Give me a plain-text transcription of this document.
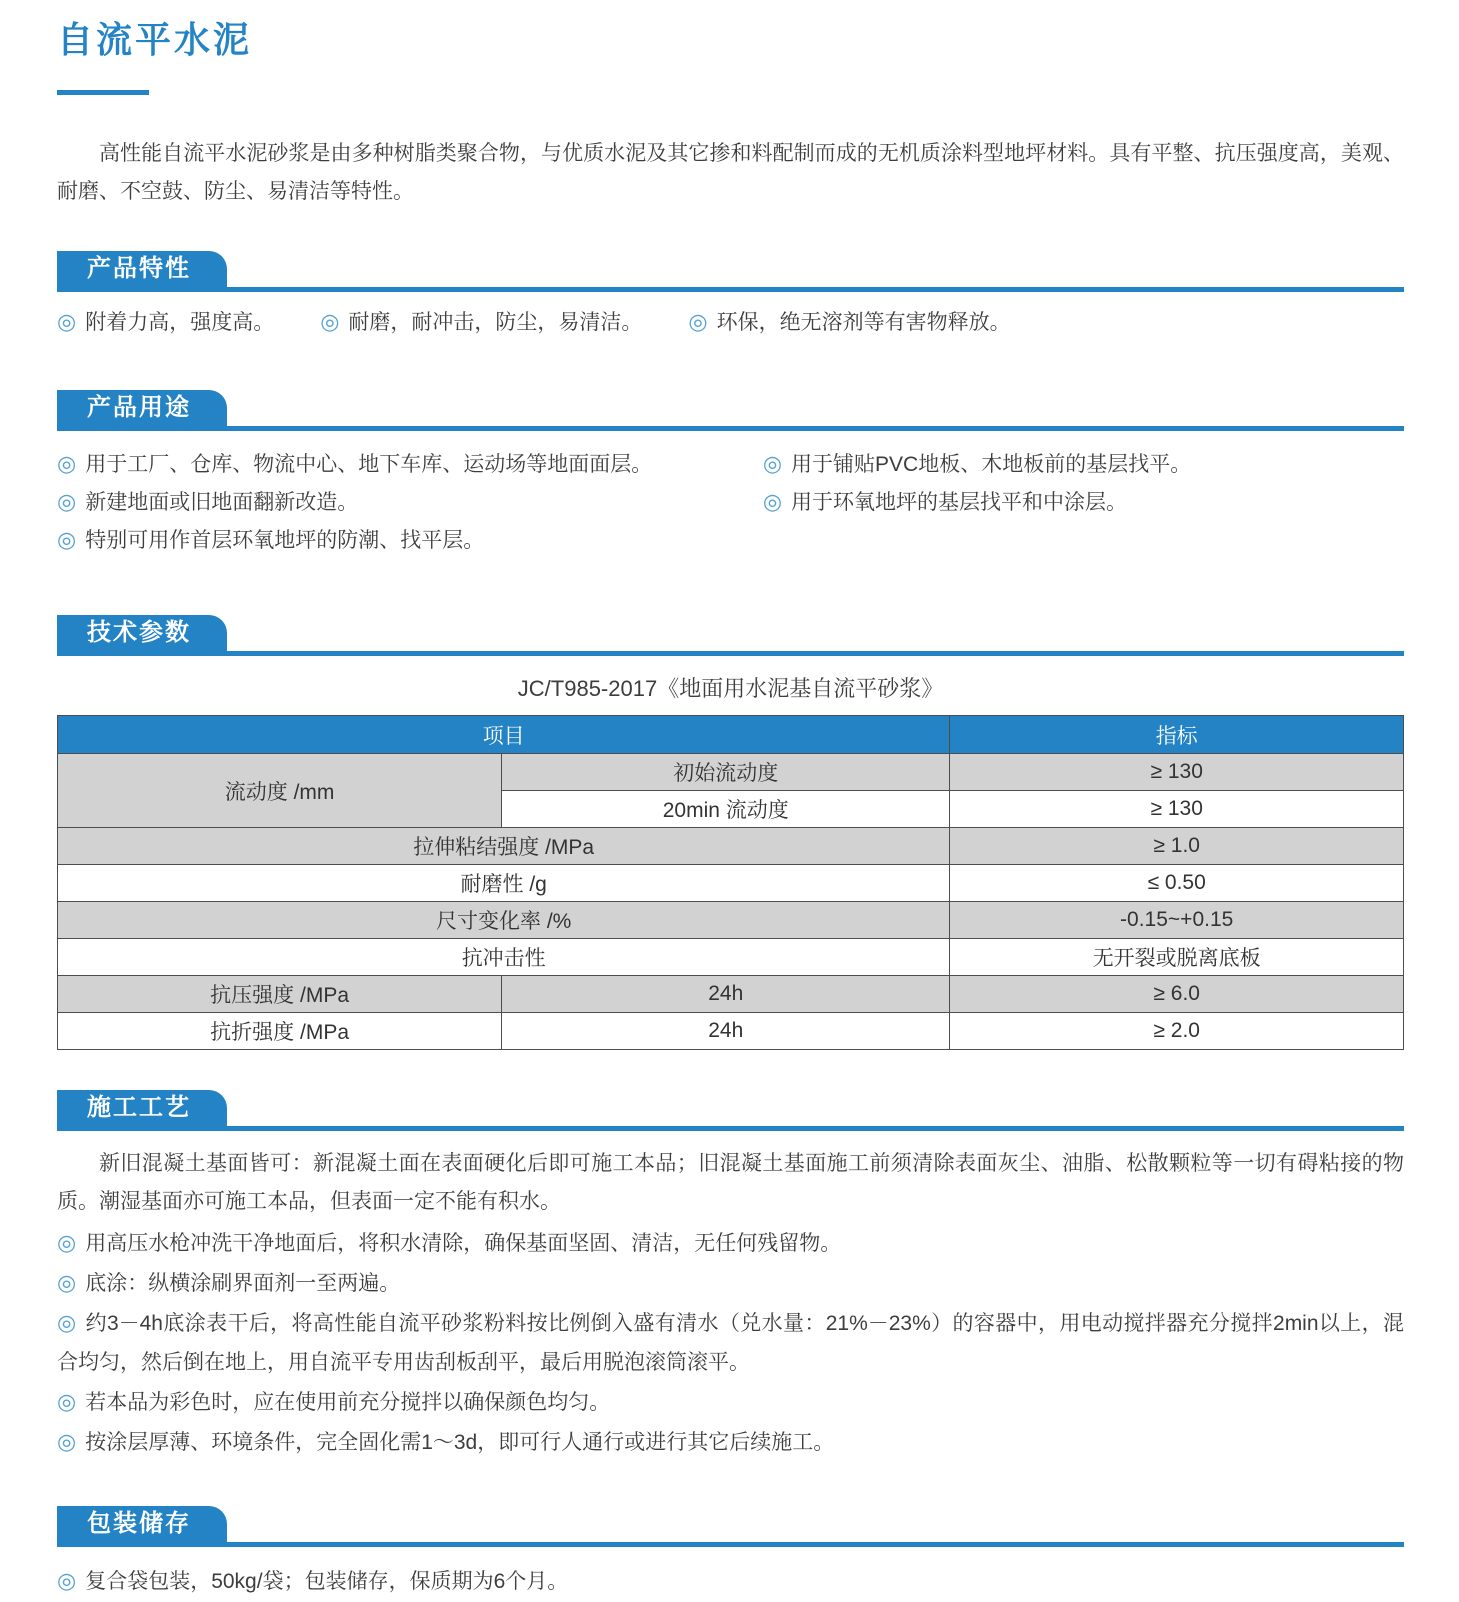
自流平水泥

高性能自流平水泥砂浆是由多种树脂类聚合物，与优质水泥及其它掺和料配制而成的无机质涂料型地坪材料。具有平整、抗压强度高，美观、耐磨、不空鼓、防尘、易清洁等特性。

产品特性
◎ 附着力高，强度高。 ◎ 耐磨，耐冲击，防尘，易清洁。 ◎ 环保，绝无溶剂等有害物释放。
产品用途
◎ 用于工厂、仓库、物流中心、地下车库、运动场等地面面层。
◎ 新建地面或旧地面翻新改造。
◎ 特别可用作首层环氧地坪的防潮、找平层。
◎ 用于铺贴PVC地板、木地板前的基层找平。
◎ 用于环氧地坪的基层找平和中涂层。
技术参数
JC/T985-2017《地面用水泥基自流平砂浆》
项目		指标
流动度 /mm	初始流动度	≥ 130
	20min 流动度	≥ 130
拉伸粘结强度 /MPa		≥ 1.0
耐磨性 /g		≤ 0.50
尺寸变化率 /%		-0.15~+0.15
抗冲击性		无开裂或脱离底板
抗压强度 /MPa	24h	≥ 6.0
抗折强度 /MPa	24h	≥ 2.0
施工工艺

新旧混凝土基面皆可：新混凝土面在表面硬化后即可施工本品；旧混凝土基面施工前须清除表面灰尘、油脂、松散颗粒等一切有碍粘接的物质。潮湿基面亦可施工本品，但表面一定不能有积水。

◎ 用高压水枪冲洗干净地面后，将积水清除，确保基面坚固、清洁，无任何残留物。
◎ 底涂：纵横涂刷界面剂一至两遍。
◎ 约3－4h底涂表干后，将高性能自流平砂浆粉料按比例倒入盛有清水（兑水量：21%－23%）的容器中，用电动搅拌器充分搅拌2min以上，混合均匀，然后倒在地上，用自流平专用齿刮板刮平，最后用脱泡滚筒滚平。
◎ 若本品为彩色时，应在使用前充分搅拌以确保颜色均匀。
◎ 按涂层厚薄、环境条件，完全固化需1～3d，即可行人通行或进行其它后续施工。
包装储存
◎ 复合袋包装，50kg/袋；包装储存，保质期为6个月。
